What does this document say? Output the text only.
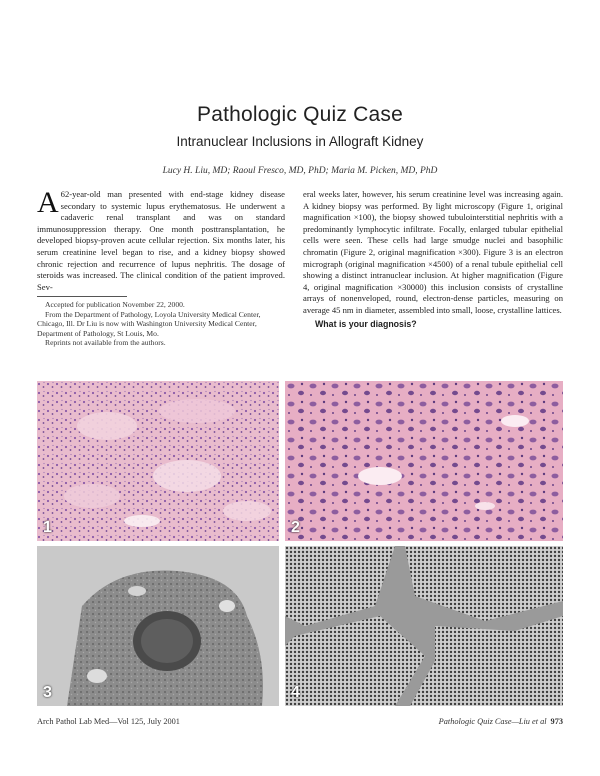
Pathologic Quiz Case
Intranuclear Inclusions in Allograft Kidney
Lucy H. Liu, MD; Raoul Fresco, MD, PhD; Maria M. Picken, MD, PhD
A 62-year-old man presented with end-stage kidney disease secondary to systemic lupus erythematosus. He underwent a cadaveric renal transplant and was on standard immunosuppression therapy. One month posttransplantation, he developed biopsy-proven acute cellular rejection. Six months later, his serum creatinine level began to rise, and a kidney biopsy showed chronic rejection and recurrence of lupus nephritis. The dosage of steroids was increased. The clinical condition of the patient improved. Sev-

Accepted for publication November 22, 2000.

From the Department of Pathology, Loyola University Medical Center, Chicago, Ill. Dr Liu is now with Washington University Medical Center, Department of Pathology, St Louis, Mo.

Reprints not available from the authors.

eral weeks later, however, his serum creatinine level was increasing again. A kidney biopsy was performed. By light microscopy (Figure 1, original magnification ×100), the biopsy showed tubulointerstitial nephritis with a predominantly lymphocytic infiltrate. Focally, enlarged tubular epithelial cells were seen. These cells had large smudge nuclei and basophilic chromatin (Figure 2, original magnification ×300). Figure 3 is an electron micrograph (original magnification ×4500) of a renal tubule epithelial cell showing a distinct intranuclear inclusion. At higher magnification (Figure 4, original magnification ×30000) this inclusion consists of crystalline arrays of nonenveloped, round, electron-dense particles, measuring on average 45 nm in diameter, assembled into small, loose, crystalline lattices.
What is your diagnosis?
1	2
3	4
Arch Pathol Lab Med—Vol 125, July 2001	Pathologic Quiz Case—Liu et al 973
